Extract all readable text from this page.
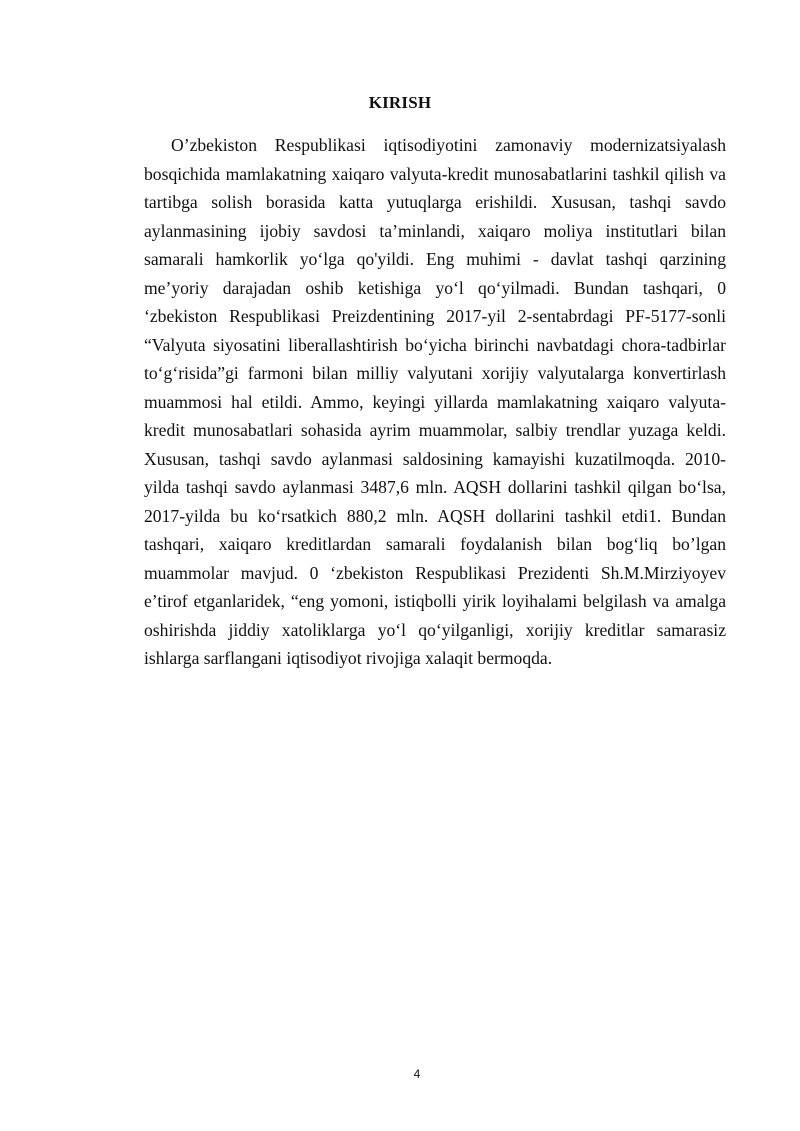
KIRISH
O’zbekiston Respublikasi iqtisodiyotini zamonaviy modernizatsiyalash
bosqichida mamlakatning xaiqaro valyuta-kredit munosabatlarini tashkil qilish va
tartibga solish borasida katta yutuqlarga erishildi. Xususan, tashqi savdo
aylanmasining ijobiy savdosi ta’minlandi, xaiqaro moliya institutlari bilan
samarali hamkorlik yo‘lga qo'yildi. Eng muhimi - davlat tashqi qarzining
me’yoriy darajadan oshib ketishiga yo‘l qo‘yilmadi. Bundan tashqari, 0
‘zbekiston Respublikasi Preizdentining 2017-yil 2-sentabrdagi PF-5177-sonli
“Valyuta siyosatini liberallashtirish bo‘yicha birinchi navbatdagi chora-tadbirlar
to‘g‘risida”gi farmoni bilan milliy valyutani xorijiy valyutalarga konvertirlash
muammosi hal etildi. Ammo, keyingi yillarda mamlakatning xaiqaro valyuta-
kredit munosabatlari sohasida ayrim muammolar, salbiy trendlar yuzaga keldi.
Xususan, tashqi savdo aylanmasi saldosining kamayishi kuzatilmoqda. 2010-
yilda tashqi savdo aylanmasi 3487,6 mln. AQSH dollarini tashkil qilgan bo‘lsa,
2017-yilda bu ko‘rsatkich 880,2 mln. AQSH dollarini tashkil etdi1. Bundan
tashqari, xaiqaro kreditlardan samarali foydalanish bilan bog‘liq bo’lgan
muammolar mavjud. 0 ‘zbekiston Respublikasi Prezidenti Sh.M.Mirziyoyev
e’tirof etganlaridek, “eng yomoni, istiqbolli yirik loyihalami belgilash va amalga
oshirishda jiddiy xatoliklarga yo‘l qo‘yilganligi, xorijiy kreditlar samarasiz
ishlarga sarflangani iqtisodiyot rivojiga xalaqit bermoqda.
4
